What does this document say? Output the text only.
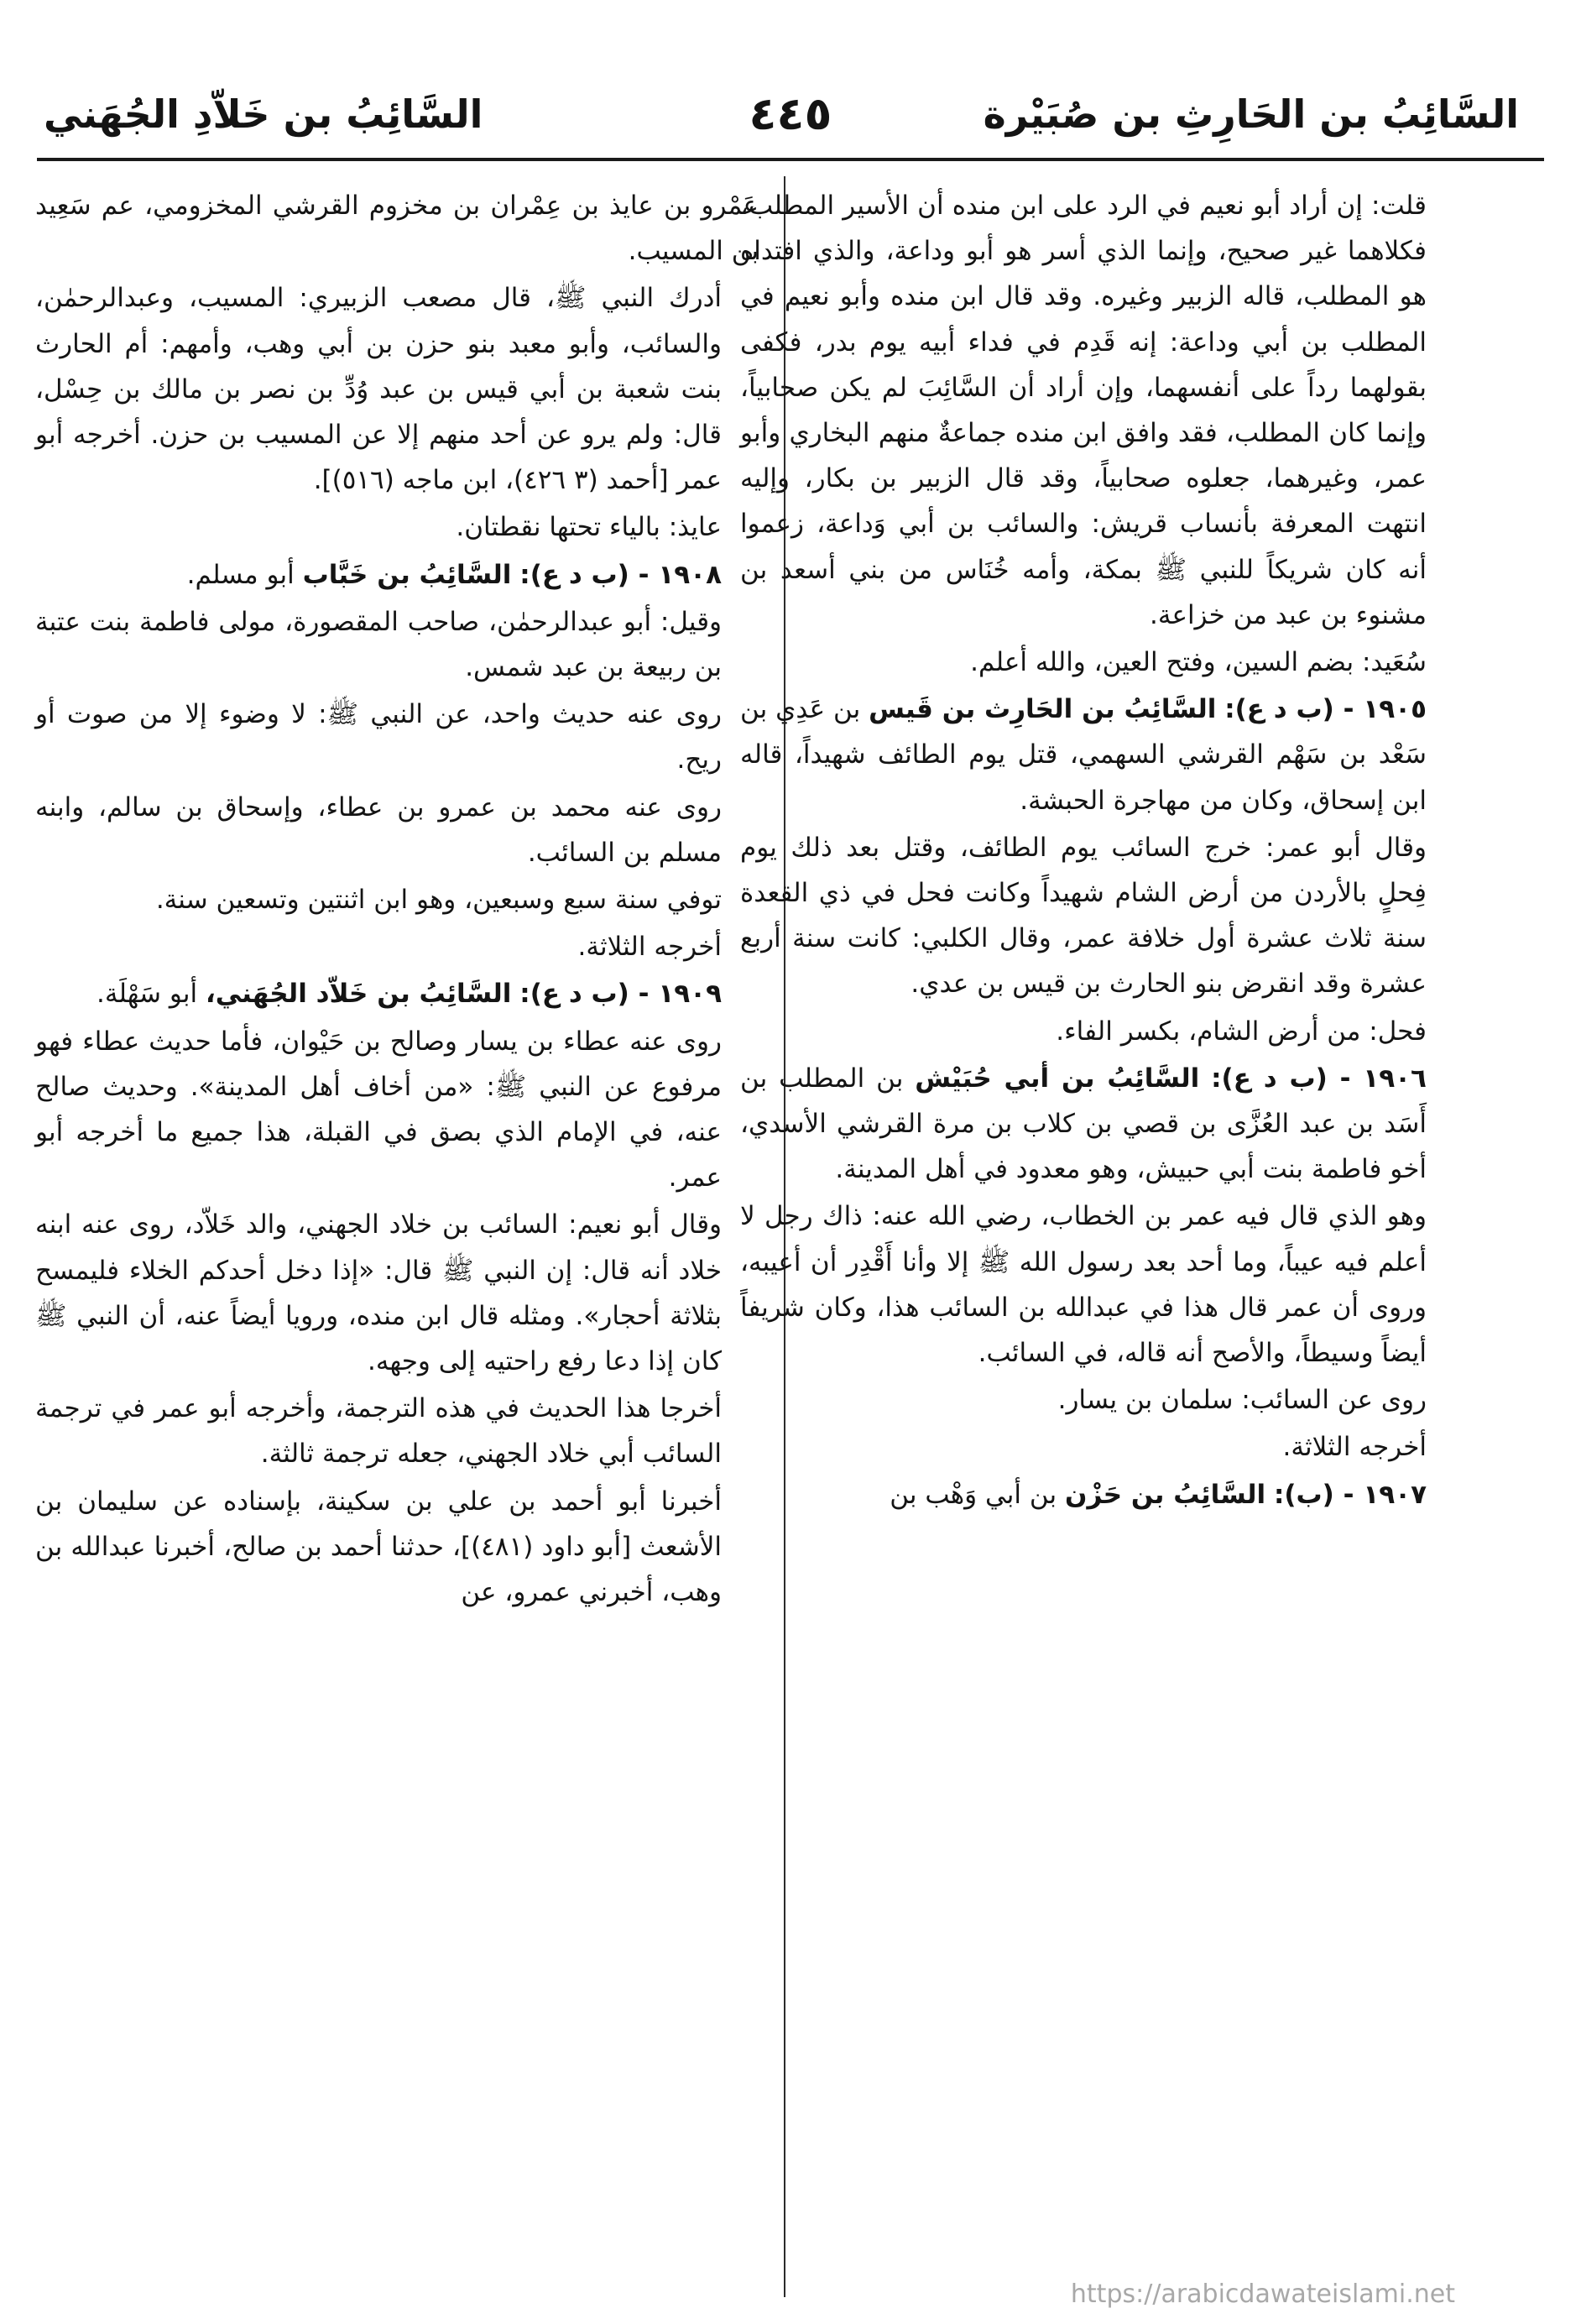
السَّائِبُ بن الحَارِثِ بن صُبَيْرة
٤٤٥
السَّائِبُ بن خَلاّدِ الجُهَني

قلت: إن أراد أبو نعيم في الرد على ابن منده أن الأسير المطلب، فكلاهما غير صحيح، وإنما الذي أسر هو أبو وداعة، والذي افتداه هو المطلب، قاله الزبير وغيره. وقد قال ابن منده وأبو نعيم في المطلب بن أبي وداعة: إنه قَدِم في فداء أبيه يوم بدر، فكفى بقولهما رداً على أنفسهما، وإن أراد أن السَّائِبَ لم يكن صحابياً، وإنما كان المطلب، فقد وافق ابن منده جماعةٌ منهم البخاري وأبو عمر، وغيرهما، جعلوه صحابياً، وقد قال الزبير بن بكار، وإليه انتهت المعرفة بأنساب قريش: والسائب بن أبي وَداعة، زعموا أنه كان شريكاً للنبي ﷺ بمكة، وأمه خُنَاس من بني أسعد بن مشنوء بن عبد من خزاعة.

سُعَيد: بضم السين، وفتح العين، والله أعلم.

١٩٠٥ - (ب د ع): السَّائِبُ بن الحَارِث بن قَيس بن عَدِي بن سَعْد بن سَهْم القرشي السهمي، قتل يوم الطائف شهيداً، قاله ابن إسحاق، وكان من مهاجرة الحبشة.

وقال أبو عمر: خرج السائب يوم الطائف، وقتل بعد ذلك يوم فِحلٍ بالأردن من أرض الشام شهيداً وكانت فحل في ذي القعدة سنة ثلاث عشرة أول خلافة عمر، وقال الكلبي: كانت سنة أربع عشرة وقد انقرض بنو الحارث بن قيس بن عدي.

فحل: من أرض الشام، بكسر الفاء.

١٩٠٦ - (ب د ع): السَّائِبُ بن أبي حُبَيْش بن المطلب بن أَسَد بن عبد العُزَّى بن قصي بن كلاب بن مرة القرشي الأسدي، أخو فاطمة بنت أبي حبيش، وهو معدود في أهل المدينة.

وهو الذي قال فيه عمر بن الخطاب، رضي الله عنه: ذاك رجل لا أعلم فيه عيباً، وما أحد بعد رسول الله ﷺ إلا وأنا أَقْدِر أن أعيبه، وروى أن عمر قال هذا في عبدالله بن السائب هذا، وكان شريفاً أيضاً وسيطاً، والأصح أنه قاله، في السائب.

روى عن السائب: سلمان بن يسار.

أخرجه الثلاثة.

١٩٠٧ - (ب): السَّائِبُ بن حَزْن بن أبي وَهْب بن

عَمْرو بن عايذ بن عِمْران بن مخزوم القرشي المخزومي، عم سَعِيد بن المسيب.

أدرك النبي ﷺ، قال مصعب الزبيري: المسيب، وعبدالرحمٰن، والسائب، وأبو معبد بنو حزن بن أبي وهب، وأمهم: أم الحارث بنت شعبة بن أبي قيس بن عبد وُدِّ بن نصر بن مالك بن حِسْل، قال: ولم يرو عن أحد منهم إلا عن المسيب بن حزن. أخرجه أبو عمر [أحمد (٣ ٤٢٦)، ابن ماجه (٥١٦)].

عايذ: بالياء تحتها نقطتان.

١٩٠٨ - (ب د ع): السَّائِبُ بن خَبَّاب أبو مسلم.

وقيل: أبو عبدالرحمٰن، صاحب المقصورة، مولى فاطمة بنت عتبة بن ربيعة بن عبد شمس.

روى عنه حديث واحد، عن النبي ﷺ: لا وضوء إلا من صوت أو ريح.

روى عنه محمد بن عمرو بن عطاء، وإسحاق بن سالم، وابنه مسلم بن السائب.

توفي سنة سبع وسبعين، وهو ابن اثنتين وتسعين سنة.

أخرجه الثلاثة.

١٩٠٩ - (ب د ع): السَّائِبُ بن خَلاّد الجُهَني، أبو سَهْلَة.

روى عنه عطاء بن يسار وصالح بن حَيْوان، فأما حديث عطاء فهو مرفوع عن النبي ﷺ: «من أخاف أهل المدينة». وحديث صالح عنه، في الإمام الذي بصق في القبلة، هذا جميع ما أخرجه أبو عمر.

وقال أبو نعيم: السائب بن خلاد الجهني، والد خَلاّد، روى عنه ابنه خلاد أنه قال: إن النبي ﷺ قال: «إذا دخل أحدكم الخلاء فليمسح بثلاثة أحجار». ومثله قال ابن منده، ورويا أيضاً عنه، أن النبي ﷺ كان إذا دعا رفع راحتيه إلى وجهه.

أخرجا هذا الحديث في هذه الترجمة، وأخرجه أبو عمر في ترجمة السائب أبي خلاد الجهني، جعله ترجمة ثالثة.

أخبرنا أبو أحمد بن علي بن سكينة، بإسناده عن سليمان بن الأشعث [أبو داود (٤٨١)]، حدثنا أحمد بن صالح، أخبرنا عبدالله بن وهب، أخبرني عمرو، عن

https://arabicdawateislami.net
